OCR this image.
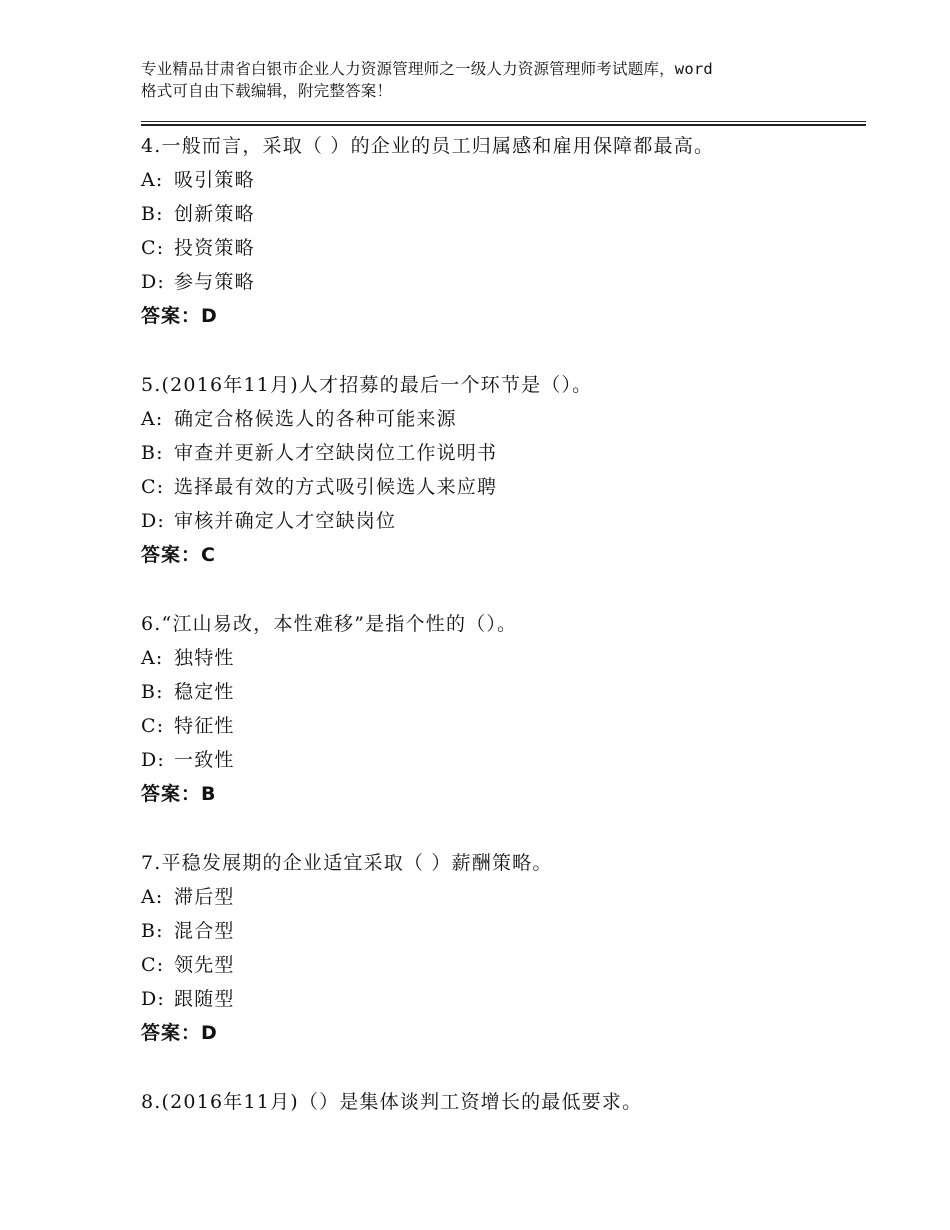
专业精品甘肃省白银市企业人力资源管理师之一级人力资源管理师考试题库，word
格式可自由下载编辑，附完整答案！
4.一般而言，采取（ ）的企业的员工归属感和雇用保障都最高。
A: 吸引策略
B: 创新策略
C: 投资策略
D: 参与策略
答案：D
5.(2016年11月)人才招募的最后一个环节是（）。
A: 确定合格候选人的各种可能来源
B: 审查并更新人才空缺岗位工作说明书
C: 选择最有效的方式吸引候选人来应聘
D: 审核并确定人才空缺岗位
答案：C
6.“江山易改，本性难移”是指个性的（）。
A: 独特性
B: 稳定性
C: 特征性
D: 一致性
答案：B
7.平稳发展期的企业适宜采取（ ）薪酬策略。
A: 滞后型
B: 混合型
C: 领先型
D: 跟随型
答案：D
8.(2016年11月)（）是集体谈判工资增长的最低要求。
